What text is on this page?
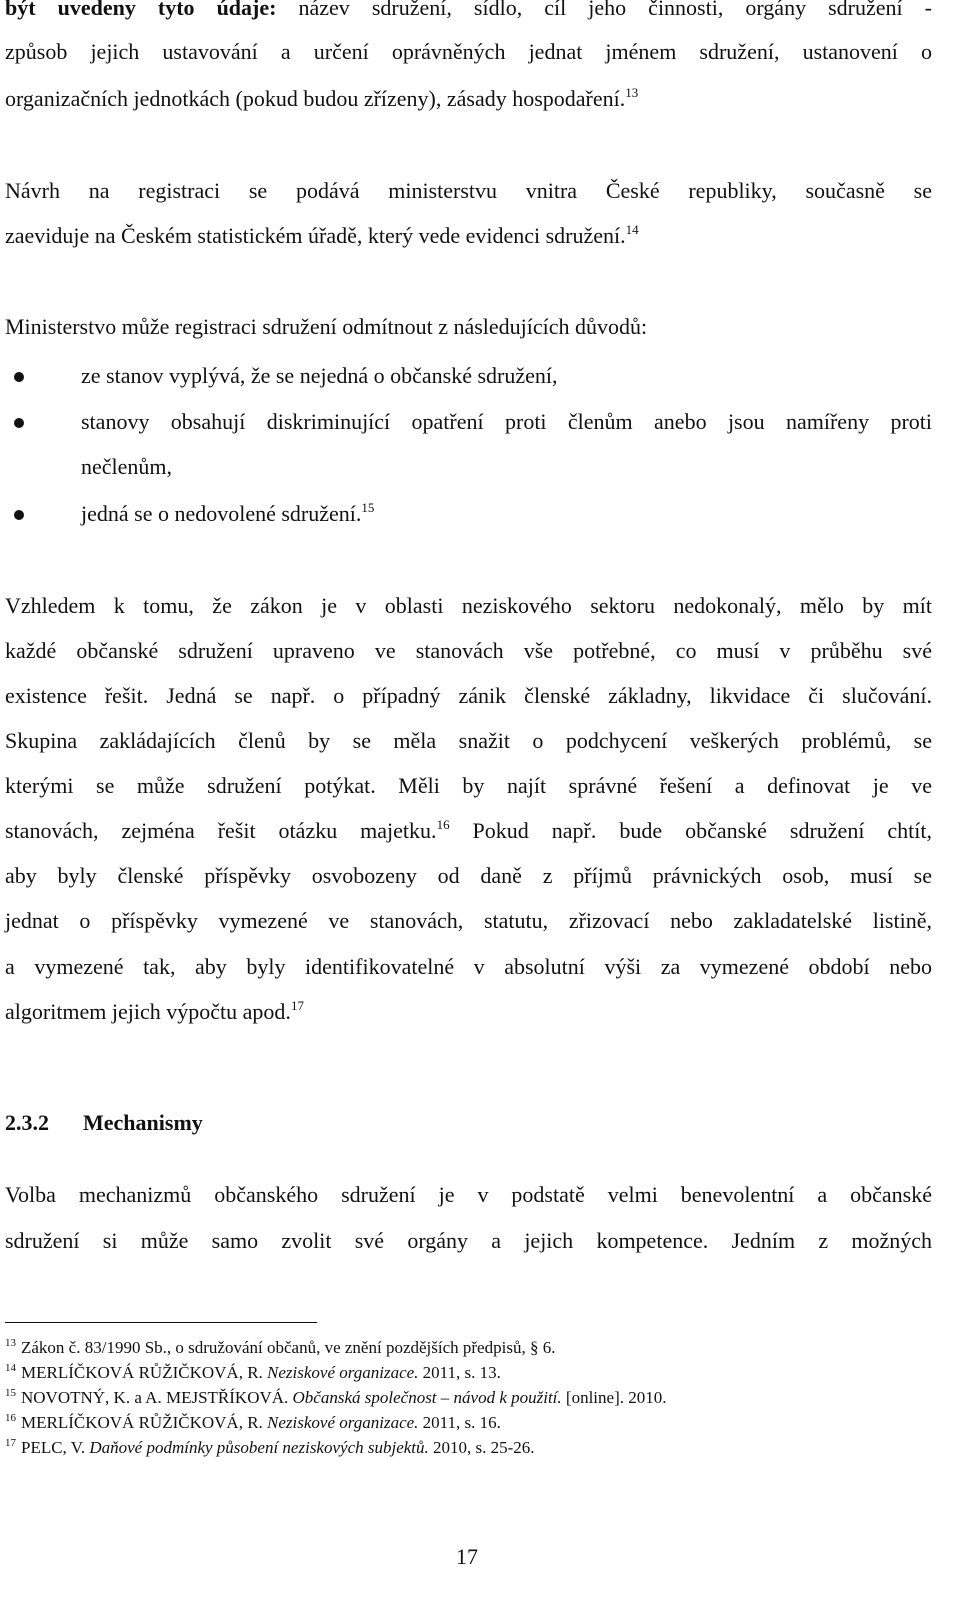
být uvedeny tyto údaje: název sdružení, sídlo, cíl jeho činnosti, orgány sdružení -
způsob jejich ustavování a určení oprávněných jednat jménem sdružení, ustanovení o
organizačních jednotkách (pokud budou zřízeny), zásady hospodaření.$^{13}$
Návrh na registraci se podává ministerstvu vnitra České republiky, současně se
zaeviduje na Českém statistickém úřadě, který vede evidenci sdružení.$^{14}$
Ministerstvo může registraci sdružení odmítnout z následujících důvodů:
ze stanov vyplývá, že se nejedná o občanské sdružení,
stanovy obsahují diskriminující opatření proti členům anebo jsou namířeny proti
nečlenům,
jedná se o nedovolené sdružení.$^{15}$
Vzhledem k tomu, že zákon je v oblasti neziskového sektoru nedokonalý, mělo by mít
každé občanské sdružení upraveno ve stanovách vše potřebné, co musí v průběhu své
existence řešit. Jedná se např. o případný zánik členské základny, likvidace či slučování.
Skupina zakládajících členů by se měla snažit o podchycení veškerých problémů, se
kterými se může sdružení potýkat. Měli by najít správné řešení a definovat je ve
stanovách, zejména řešit otázku majetku.$^{16}$ Pokud např. bude občanské sdružení chtít,
aby byly členské příspěvky osvobozeny od daně z příjmů právnických osob, musí se
jednat o příspěvky vymezené ve stanovách, statutu, zřizovací nebo zakladatelské listině,
a vymezené tak, aby byly identifikovatelné v absolutní výši za vymezené období nebo
algoritmem jejich výpočtu apod.$^{17}$
2.3.2 Mechanismy
Volba mechanizmů občanského sdružení je v podstatě velmi benevolentní a občanské
sdružení si může samo zvolit své orgány a jejich kompetence. Jedním z možných
13 Zákon č. 83/1990 Sb., o sdružování občanů, ve znění pozdějších předpisů, § 6.
14 MERLÍČKOVÁ RŮŽIČKOVÁ, R. Neziskové organizace. 2011, s. 13.
15 NOVOTNÝ, K. a A. MEJSTŘÍKOVÁ. Občanská společnost – návod k použití. [online]. 2010.
16 MERLÍČKOVÁ RŮŽIČKOVÁ, R. Neziskové organizace. 2011, s. 16.
17 PELC, V. Daňové podmínky působení neziskových subjektů. 2010, s. 25-26.
17
